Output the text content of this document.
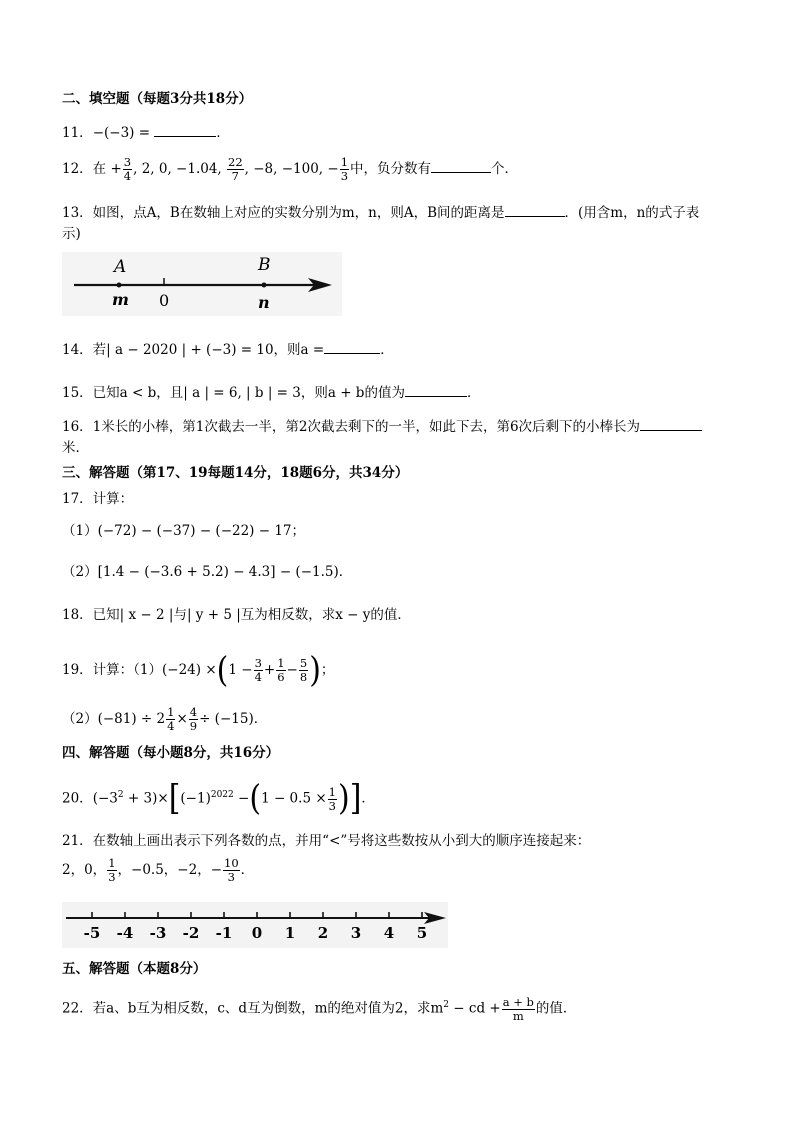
二、填空题（每题3分共18分）
11．−(−3) =	．
12．在 + $\frac{3}{4}$ , 2, 0, −1.04, $\frac{22}{7}$ , −8, −100, − $\frac{1}{3}$ 中，负分数有	个．
13．如图，点A，B在数轴上对应的实数分别为m，n，则A，B间的距离是	．(用含m，n的式子表
示)
A	B
m 0	n
14．若| a − 2020 | + (−3) = 10，则a =	．
15．已知a < b，且| a | = 6, | b | = 3，则a + b的值为	．
16．1米长的小棒，第1次截去一半，第2次截去剩下的一半，如此下去，第6次后剩下的小棒长为
米．
三、解答题（第17、19每题14分，18题6分，共34分）
17．计算：
（1）(−72) − (−37) − (−22) − 17；
（2）[1.4 − (−3.6 + 5.2) − 4.3] − (−1.5)．
18．已知| x − 2 |与| y + 5 |互为相反数，求x − y的值．
19．计算：$(1)(-24) \times(1 - \frac{3}{4} + \frac{1}{6} - \frac{5}{8}$ )；
$(2)(-81) \div 2 \frac{1}{4} \times \frac{4}{9} \div (-15)$．
四、解答题（每小题8分，共16分）
20．$(-3^2 + 3)\times[(-1)^{2022} -(1 - 0.5 \times \frac{1}{3}$ )]．
21．在数轴上画出表示下列各数的点，并用“<”号将这些数按从小到大的顺序连接起来：
2，0， $\frac{1}{3}$ ，−0.5，−2，− $\frac{10}{3}$ ．
-5 -4 -3 -2 -1 0 1 2 3 4 5
五、解答题（本题8分）
22．若a、b互为相反数，c、d互为倒数，m的绝对值为2，求$m^2$ − cd + $\frac{a + b}{m}$ 的值．
